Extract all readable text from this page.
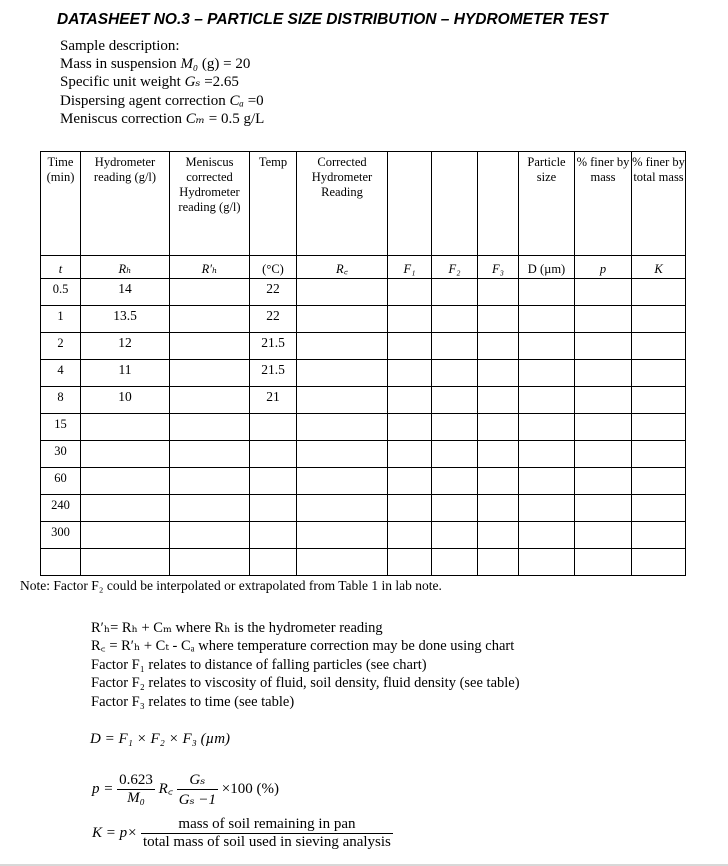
DATASHEET NO.3 – PARTICLE SIZE DISTRIBUTION – HYDROMETER TEST
Sample description:
Mass in suspension M₀ (g) = 20
Specific unit weight Gₛ =2.65
Dispersing agent correction Cₐ =0
Meniscus correction Cₘ = 0.5 g/L
Time (min)	Hydrometer reading (g/l)	Meniscus corrected Hydrometer reading (g/l)	Temp	Corrected Hydrometer Reading				Particle size	% finer by mass	% finer by total mass
t	Rₕ	R′ₕ	(°C)	R꜀	F₁	F₂	F₃	D (µm)	p	K
0.5	14		22							
1	13.5		22							
2	12		21.5							
4	11		21.5							
8	10		21							
15										
30										
60										
240										
300										

Note: Factor F₂ could be interpolated or extrapolated from Table 1 in lab note.
R′ₕ= Rₕ + Cₘ where Rₕ is the hydrometer reading
R꜀ = R′ₕ + Cₜ - Cₐ where temperature correction may be done using chart
Factor F₁ relates to distance of falling particles (see chart)
Factor F₂ relates to viscosity of fluid, soil density, fluid density (see table)
Factor F₃ relates to time (see table)
D = F₁ × F₂ × F₃ (µm)
$p = \frac{0.623}{\text{M₀}}$ R꜀ $\frac{\text{Gₛ}}{\text{Gₛ −1}} \times 100$ (%)
$K = p\times \frac{\text{mass of soil remaining in pan}}{\text{total mass of soil used in sieving analysis}}$
